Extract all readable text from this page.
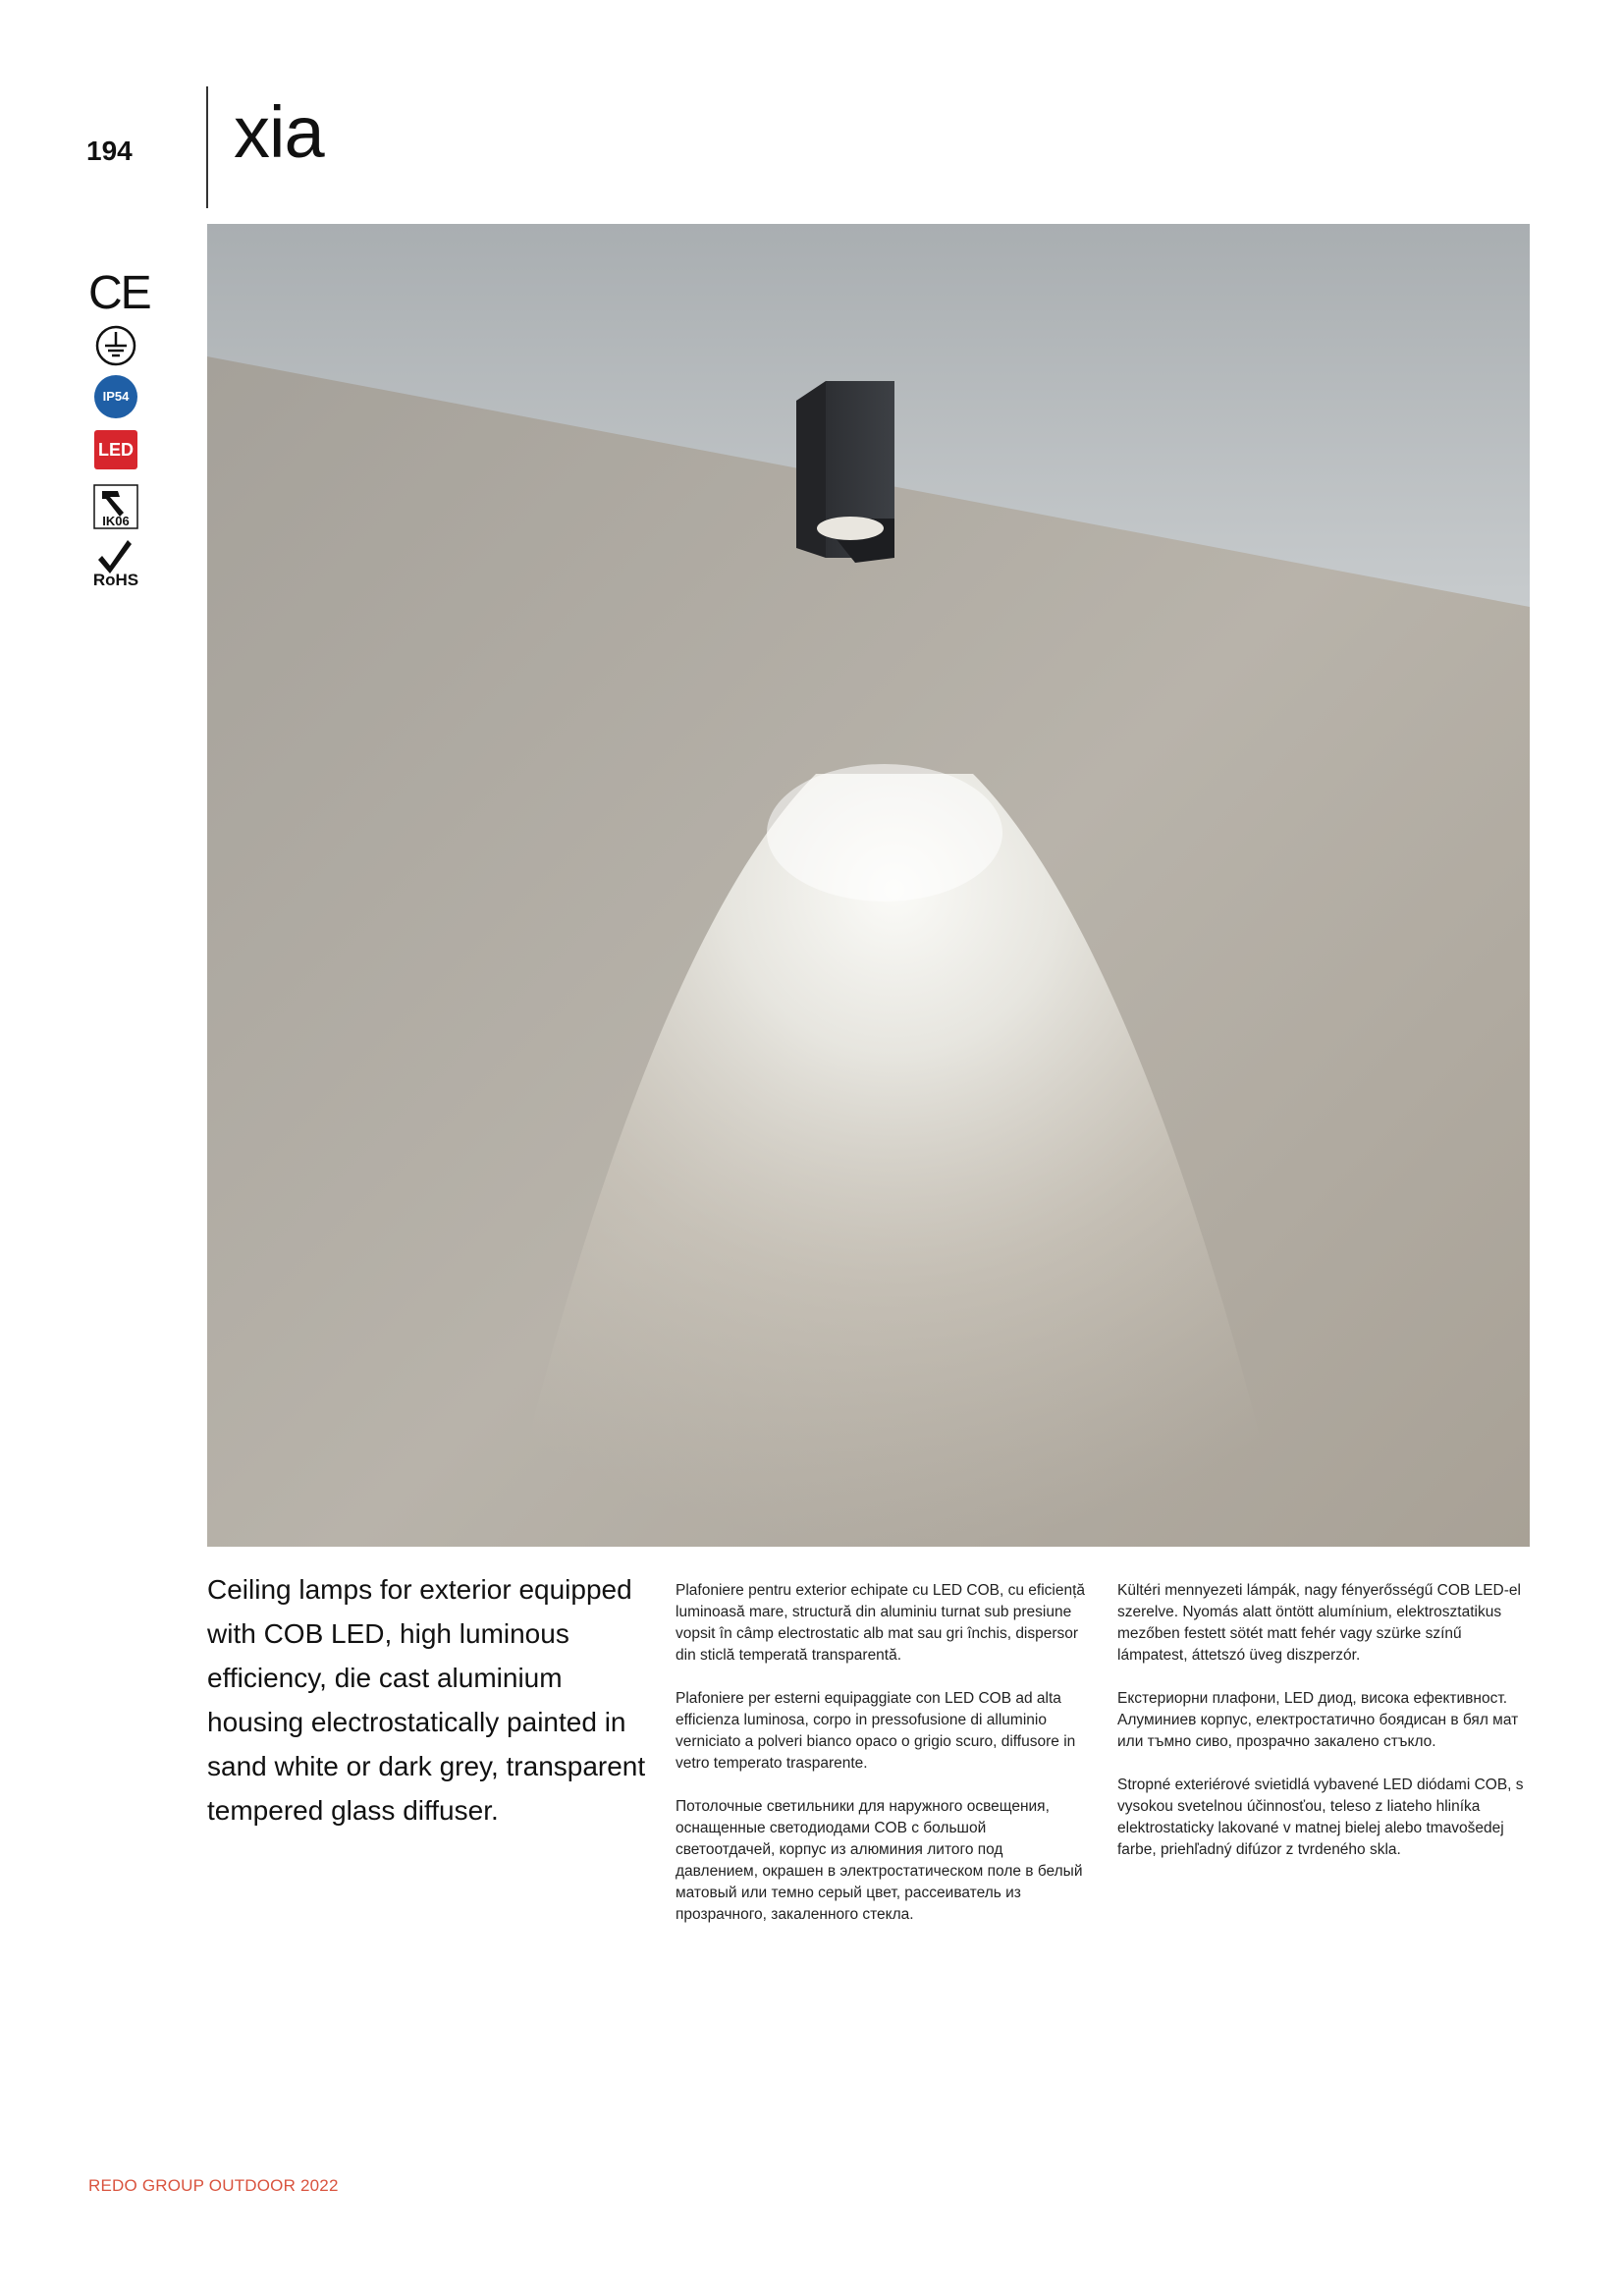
194 xia
CE
IP54
LED
IK06
RoHS
Ceiling lamps for exterior equipped with COB LED, high luminous efficiency, die cast aluminium housing electrostatically painted in sand white or dark grey, transparent tempered glass diffuser.

Plafoniere pentru exterior echipate cu LED COB, cu eficiență luminoasă mare, structură din aluminiu turnat sub presiune vopsit în câmp electrostatic alb mat sau gri închis, dispersor din sticlă temperată transparentă.

Plafoniere per esterni equipaggiate con LED COB ad alta efficienza luminosa, corpo in pressofusione di alluminio verniciato a polveri bianco opaco o grigio scuro, diffusore in vetro temperato trasparente.

Потолочные светильники для наружного освещения, оснащенные светодиодами COB с большой светоотдачей, корпус из алюминия литого под давлением, окрашен в электростатическом поле в белый матовый или темно серый цвет, рассеиватель из прозрачного, закаленного стекла.

Kültéri mennyezeti lámpák, nagy fényerősségű COB LED-el szerelve. Nyomás alatt öntött alumínium, elektrosztatikus mezőben festett sötét matt fehér vagy szürke színű lámpatest, áttetszó üveg diszperzór.

Екстериорни плафони, LED диод, висока ефективност. Алуминиев корпус, електростатично боядисан в бял мат или тъмно сиво, прозрачно закалено стъкло.

Stropné exteriérové svietidlá vybavené LED diódami COB, s vysokou svetelnou účinnosťou, teleso z liateho hliníka elektrostaticky lakované v matnej bielej alebo tmavošedej farbe, priehľadný difúzor z tvrdeného skla.

REDO GROUP OUTDOOR 2022
